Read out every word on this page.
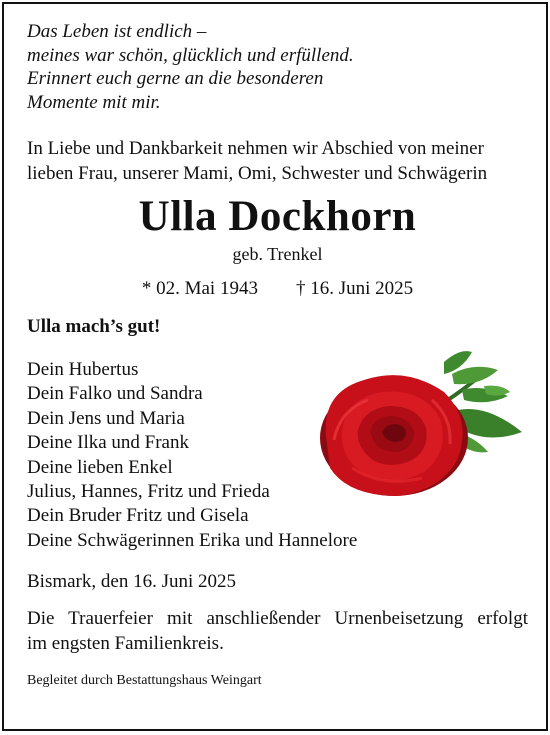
Das Leben ist endlich –
meines war schön, glücklich und erfüllend.
Erinnert euch gerne an die besonderen
Momente mit mir.

In Liebe und Dankbarkeit nehmen wir Abschied von meiner
lieben Frau, unserer Mami, Omi, Schwester und Schwägerin
Ulla Dockhorn
geb. Trenkel
* 02. Mai 1943 † 16. Juni 2025
Ulla mach’s gut!
Dein Hubertus
Dein Falko und Sandra
Dein Jens und Maria
Deine Ilka und Frank
Deine lieben Enkel
Julius, Hannes, Fritz und Frieda
Dein Bruder Fritz und Gisela
Deine Schwägerinnen Erika und Hannelore
Bismark, den 16. Juni 2025
Die Trauerfeier mit anschließender Urnenbeisetzung erfolgt
im engsten Familienkreis.
Begleitet durch Bestattungshaus Weingart
